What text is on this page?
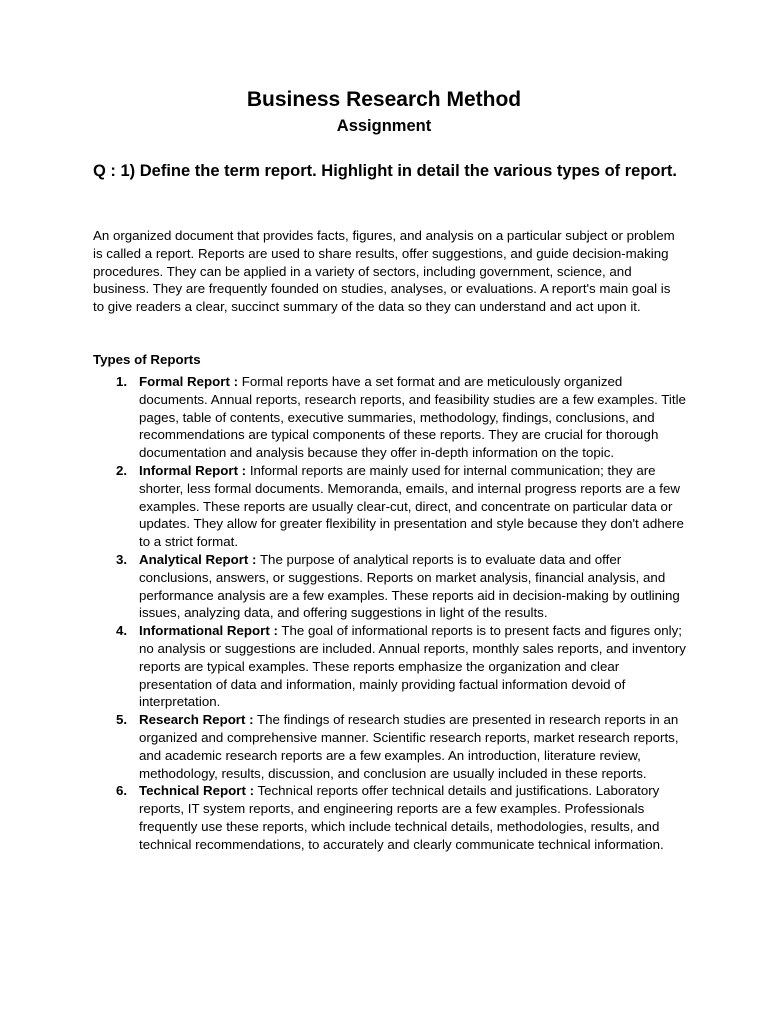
Business Research Method
Assignment

Q : 1) Define the term report. Highlight in detail the various types of report.

An organized document that provides facts, figures, and analysis on a particular subject or problem is called a report. Reports are used to share results, offer suggestions, and guide decision-making procedures. They can be applied in a variety of sectors, including government, science, and business. They are frequently founded on studies, analyses, or evaluations. A report's main goal is to give readers a clear, succinct summary of the data so they can understand and act upon it.

Types of Reports

1. Formal Report : Formal reports have a set format and are meticulously organized documents. Annual reports, research reports, and feasibility studies are a few examples. Title pages, table of contents, executive summaries, methodology, findings, conclusions, and recommendations are typical components of these reports. They are crucial for thorough documentation and analysis because they offer in-depth information on the topic.
2. Informal Report : Informal reports are mainly used for internal communication; they are shorter, less formal documents. Memoranda, emails, and internal progress reports are a few examples. These reports are usually clear-cut, direct, and concentrate on particular data or updates. They allow for greater flexibility in presentation and style because they don't adhere to a strict format.
3. Analytical Report : The purpose of analytical reports is to evaluate data and offer conclusions, answers, or suggestions. Reports on market analysis, financial analysis, and performance analysis are a few examples. These reports aid in decision-making by outlining issues, analyzing data, and offering suggestions in light of the results.
4. Informational Report : The goal of informational reports is to present facts and figures only; no analysis or suggestions are included. Annual reports, monthly sales reports, and inventory reports are typical examples. These reports emphasize the organization and clear presentation of data and information, mainly providing factual information devoid of interpretation.
5. Research Report : The findings of research studies are presented in research reports in an organized and comprehensive manner. Scientific research reports, market research reports, and academic research reports are a few examples. An introduction, literature review, methodology, results, discussion, and conclusion are usually included in these reports.
6. Technical Report : Technical reports offer technical details and justifications. Laboratory reports, IT system reports, and engineering reports are a few examples. Professionals frequently use these reports, which include technical details, methodologies, results, and technical recommendations, to accurately and clearly communicate technical information.
